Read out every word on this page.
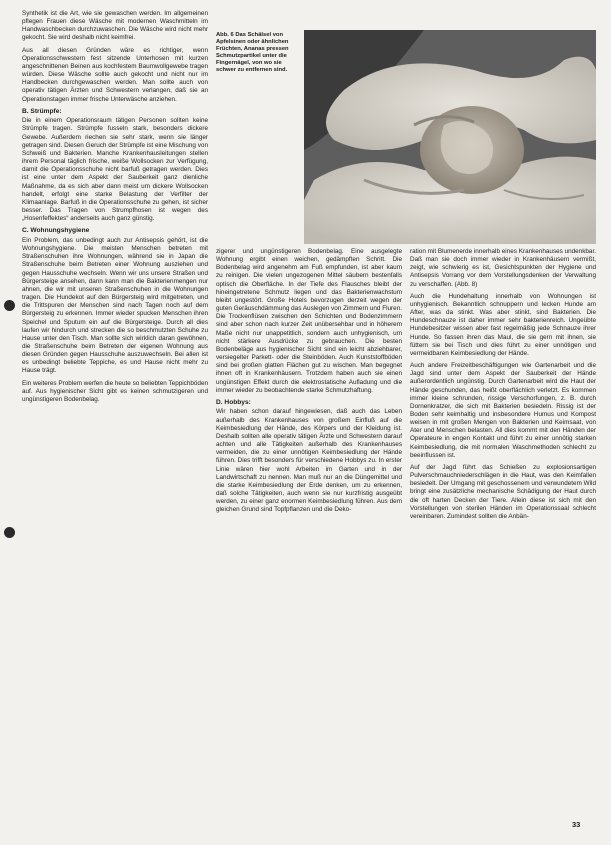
Synthetik ist die Art, wie sie gewaschen werden. Im allgemeinen pflegen Frauen diese Wäsche mit modernen Waschmitteln im Handwaschbecken durchzuwaschen. Die Wäsche wird nicht mehr gekocht. Sie wird deshalb nicht keimfrei.

Aus all diesen Gründen wäre es richtiger, wenn Operationsschwestern fest sitzende Unterhosen mit kurzen angeschnittenen Beinen aus kochfestem Baumwollgewebe tragen würden. Diese Wäsche sollte auch gekocht und nicht nur im Handbecken durchgewaschen werden. Man sollte auch von operativ tätigen Ärzten und Schwestern verlangen, daß sie an Operationstagen immer frische Unterwäsche anziehen.

B. Strümpfe:

Die in einem Operationsraum tätigen Personen sollten keine Strümpfe tragen. Strümpfe fusseln stark, besonders dickere Gewebe. Außerdem riechen sie sehr stark, wenn sie länger getragen sind. Diesen Geruch der Strümpfe ist eine Mischung von Schweiß und Bakterien. Manche Krankenhausleitungen stellen ihrem Personal täglich frische, weiße Wollsocken zur Verfügung, damit die Operationsschuhe nicht barfuß getragen werden. Dies ist eine unter dem Aspekt der Sauberkeit ganz dienliche Maßnahme, da es sich aber dann meist um dickere Wollsocken handelt, erfolgt eine starke Belastung der Verfilter der Klimaanlage. Barfuß in die Operationsschuhe zu gehen, ist sicher besser. Das Tragen von Strumpfhosen ist wegen des „Hosenfeffektes“ anderseits auch ganz günstig.

C. Wohnungshygiene

Ein Problem, das unbedingt auch zur Antisepsis gehört, ist die Wohnungshygiene. Die meisten Menschen betreten mit Straßenschuhen ihre Wohnungen, während sie in Japan die Straßenschuhe beim Betreten einer Wohnung ausziehen und gegen Hausschuhe wechseln. Wenn wir uns unsere Straßen und Bürgersteige ansehen, dann kann man die Bakterienmengen nur ahnen, die wir mit unseren Straßenschuhen in die Wohnungen tragen. Die Hundekot auf den Bürgersteig wird mitgetreten, und die Trittspuren der Menschen sind nach Tagen noch auf dem Bürgersteig zu erkennen. Immer wieder spucken Menschen ihren Speichel und Sputum ein auf die Bürgersteige. Durch all dies laufen wir hindurch und strecken die so beschmutzten Schuhe zu Hause unter den Tisch. Man sollte sich wirklich daran gewöhnen, die Straßenschuhe beim Betreten der eigenen Wohnung aus diesen Gründen gegen Hausschuhe auszuwechseln. Bei allen ist es unbedingt beliebte Teppiche, es und Hause nicht mehr zu Hause trägt.

Ein weiteres Problem werfen die heute so beliebten Teppichböden auf. Aus hygienischer Sicht gibt es keinen schmutzigeren und ungünstigeren Bodenbelag.

Abb. 6 Das Schälsel von Apfelsinen oder ähnlichen Früchten, Ananas pressen Schmutzpartikel unter die Fingernägel, von wo sie schwer zu entfernen sind.

zigerer und ungünstigeren Bodenbelag. Eine ausgelegte Wohnung ergibt einen weichen, gedämpften Schritt. Die Bodenbelag wird angenehm am Fuß empfunden, ist aber kaum zu reinigen. Die vielen ungezogenen Mittel säubern bestenfalls optisch die Oberfläche. In der Tiefe des Flausches bleibt der hineingetretene Schmutz liegen und das Bakterienwachstum bleibt ungestört. Große Hotels bevorzugen derzeit wegen der guten Geräuschdämmung das Auslegen von Zimmern und Fluren. Die Trockenflüsen zwischen den Schichten und Bodenzimmern sind aber schon nach kurzer Zeit unübersehbar und in höherem Maße nicht nur unappetitlich, sondern auch unhygienisch, um nicht stärkere Ausdrücke zu gebrauchen. Die besten Bodenbeläge aus hygienischer Sicht sind ein leicht abziehbarer, versiegelter Parkett- oder die Steinböden. Auch Kunststoffböden sind bei großen glatten Flächen gut zu wischen. Man begegnet ihnen oft in Krankenhäusern. Trotzdem haben auch sie einen ungünstigen Effekt durch die elektrostatische Aufladung und die immer wieder zu beobachtende starke Schmutzhaftung.

D. Hobbys:

Wir haben schon darauf hingewiesen, daß auch das Leben außerhalb des Krankenhauses von großem Einfluß auf die Keimbesiedlung der Hände, des Körpers und der Kleidung ist. Deshalb sollten alle operativ tätigen Ärzte und Schwestern darauf achten und alle Tätigkeiten außerhalb des Krankenhauses vermeiden, die zu einer unnötigen Keimbesiedlung der Hände führen. Dies trifft besonders für verschiedene Hobbys zu. In erster Linie wären hier wohl Arbeiten im Garten und in der Landwirtschaft zu nennen. Man muß nur an die Düngemittel und die starke Keimbesiedlung der Erde denken, um zu erkennen, daß solche Tätigkeiten, auch wenn sie nur kurzfristig ausgeübt werden, zu einer ganz enormen Keimbesiedlung führen. Aus dem gleichen Grund sind Topfpflanzen und die Deko-

ration mit Blumenerde innerhalb eines Krankenhauses undenkbar. Daß man sie doch immer wieder in Krankenhäusern vermißt, zeigt, wie schwierig es ist, Gesichtspunkten der Hygiene und Antisepsis Vorrang vor dem Vorstellungsdenken der Verwaltung zu verschaffen. (Abb. 8)

Auch die Hundehaltung innerhalb von Wohnungen ist unhygienisch. Bekanntlich schnuppern und lecken Hunde am After, was da stinkt. Was aber stinkt, sind Bakterien. Die Hundeschnauze ist daher immer sehr bakterienreich. Ungeübte Hundebesitzer wissen aber fast regelmäßig jede Schnauze ihrer Hunde. So fassen ihren das Maul, die sie gern mit ihnen, sie füttern sie bei Tisch und dies führt zu einer unnötigen und vermeidbaren Keimbesiedlung der Hände.

Auch andere Freizeitbeschäftigungen wie Gartenarbeit und die Jagd sind unter dem Aspekt der Sauberkeit der Hände außerordentlich ungünstig. Durch Gartenarbeit wird die Haut der Hände geschunden, das heißt oberflächlich verletzt. Es kommen immer kleine schrunden, rissige Verschorfungen, z. B. durch Dornenkratzer, die sich mit Bakterien besiedeln. Rissig ist der Boden sehr keimhaltig und insbesondere Humus und Kompost weisen in mit großen Mengen von Bakterien und Keimsaat, von Ater und Menschen belasten. All dies kommt mit den Händen der Operateure in engen Kontakt und führt zu einer unnötig starken Keimbesiedlung, die mit normalen Waschmethoden schlecht zu beeinflussen ist.

Auf der Jagd führt das Schießen zu explosionsartigen Pulverschmauchniederschlägen in die Haut, was den Keimfallen besiedelt. Der Umgang mit geschossenem und verwundetem Wild bringt eine zusätzliche mechanische Schädigung der Haut durch die oft harten Decken der Tiere. Allein diese ist sich mit den Vorstellungen von sterilen Händen im Operationssaal schlecht vereinbaren. Zumindest sollten die Anbän-

33
